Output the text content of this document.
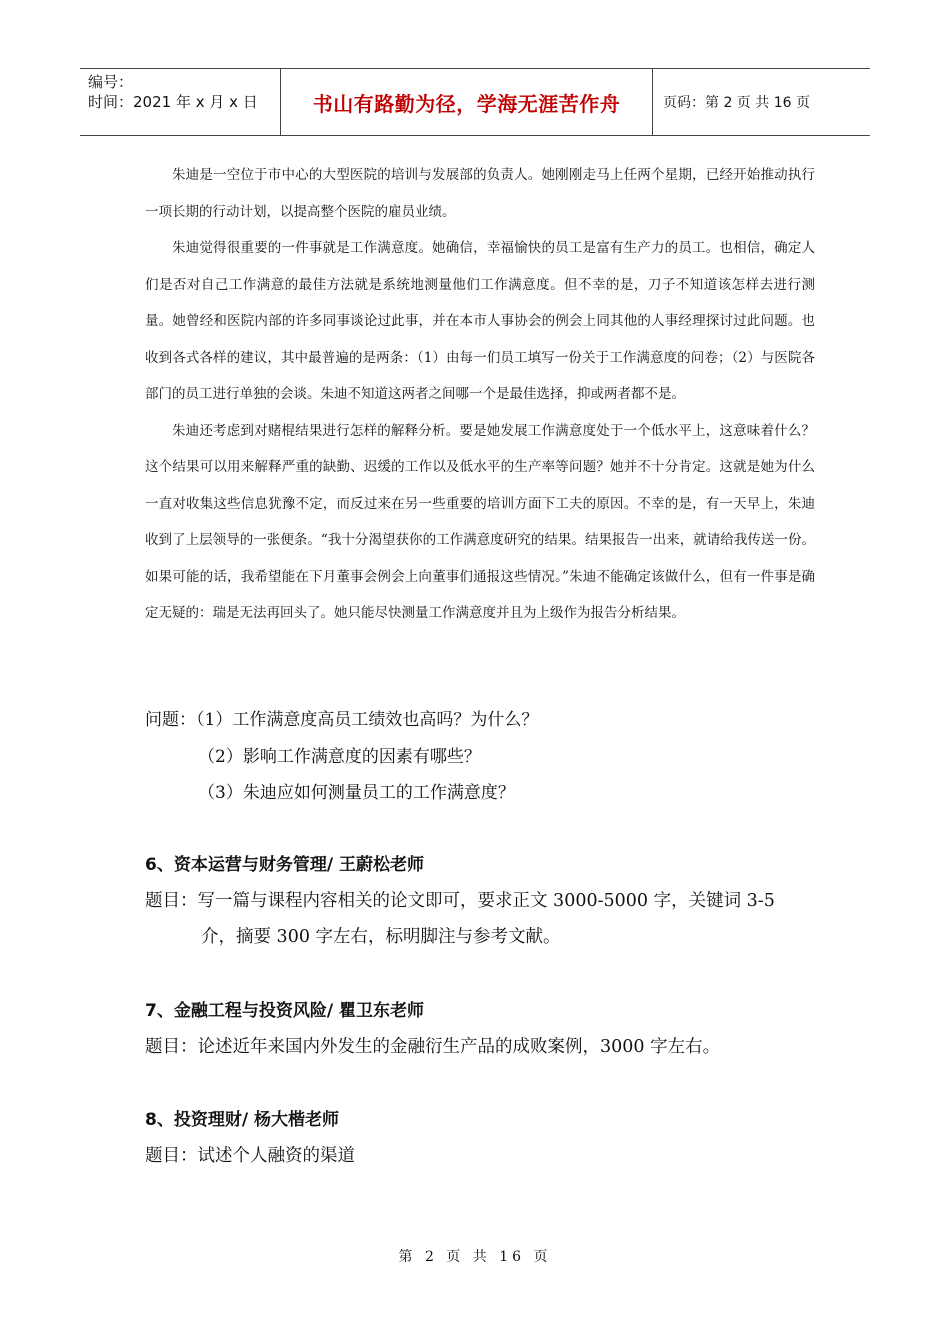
编号：
时间：2021 年 x 月 x 日	书山有路勤为径，学海无涯苦作舟	页码：第 2 页 共 16 页

朱迪是一空位于市中心的大型医院的培训与发展部的负责人。她刚刚走马上任两个星期，已经开始推动执行一项长期的行动计划，以提高整个医院的雇员业绩。

朱迪觉得很重要的一件事就是工作满意度。她确信，幸福愉快的员工是富有生产力的员工。也相信，确定人们是否对自己工作满意的最佳方法就是系统地测量他们工作满意度。但不幸的是，刀子不知道该怎样去进行测量。她曾经和医院内部的许多同事谈论过此事，并在本市人事协会的例会上同其他的人事经理探讨过此问题。也收到各式各样的建议，其中最普遍的是两条：（1）由每一们员工填写一份关于工作满意度的问卷；（2）与医院各部门的员工进行单独的会谈。朱迪不知道这两者之间哪一个是最佳选择，抑或两者都不是。

朱迪还考虑到对赌棍结果进行怎样的解释分析。要是她发展工作满意度处于一个低水平上，这意味着什么？这个结果可以用来解释严重的缺勤、迟缓的工作以及低水平的生产率等问题？她并不十分肯定。这就是她为什么一直对收集这些信息犹豫不定，而反过来在另一些重要的培训方面下工夫的原因。不幸的是，有一天早上，朱迪收到了上层领导的一张便条。“我十分渴望获你的工作满意度研究的结果。结果报告一出来，就请给我传送一份。如果可能的话，我希望能在下月董事会例会上向董事们通报这些情况。”朱迪不能确定该做什么，但有一件事是确定无疑的：瑞是无法再回头了。她只能尽快测量工作满意度并且为上级作为报告分析结果。

问题：（1）工作满意度高员工绩效也高吗？为什么？
（2）影响工作满意度的因素有哪些？
（3）朱迪应如何测量员工的工作满意度？
6、资本运营与财务管理/ 王蔚松老师
题目：写一篇与课程内容相关的论文即可，要求正文 3000-5000 字，关键词 3-5
介，摘要 300 字左右，标明脚注与参考文献。
7、金融工程与投资风险/ 瞿卫东老师
题目：论述近年来国内外发生的金融衍生产品的成败案例，3000 字左右。
8、投资理财/ 杨大楷老师
题目：试述个人融资的渠道
第 2 页 共 16 页
